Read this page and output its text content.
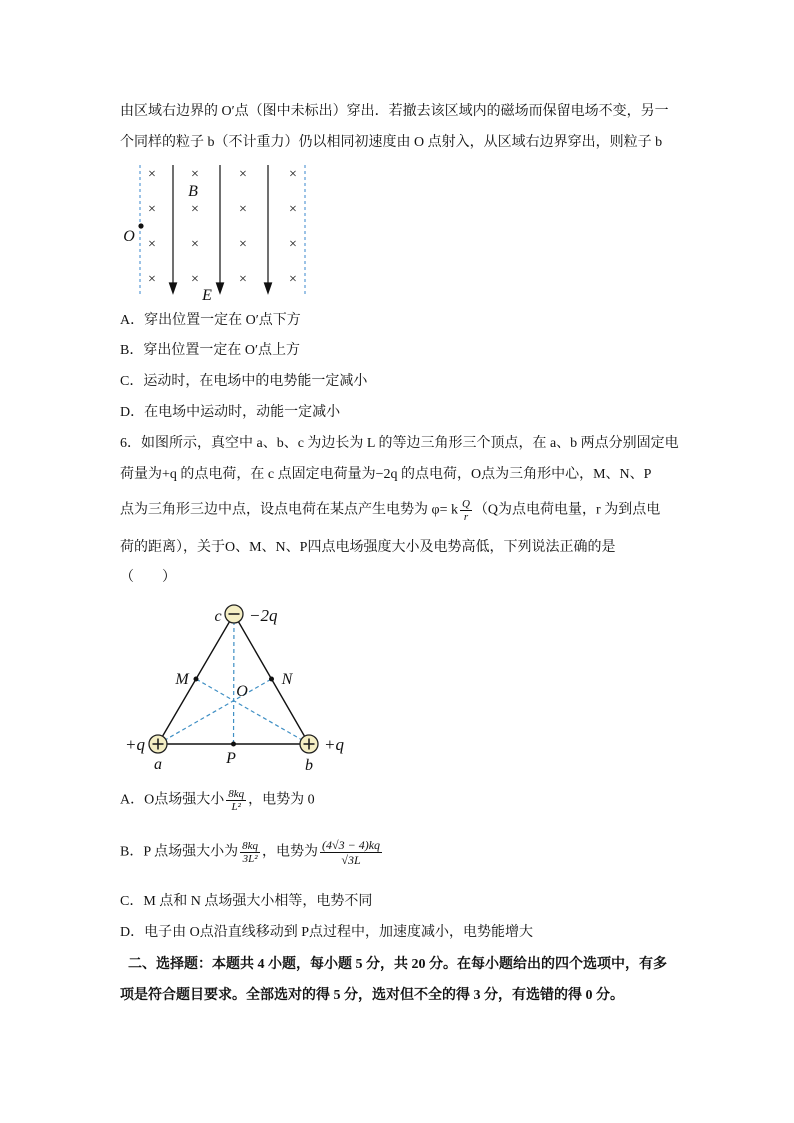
由区域右边界的 O′点（图中未标出）穿出．若撤去该区域内的磁场而保留电场不变，另一
个同样的粒子 b（不计重力）仍以相同初速度由 O 点射入，从区域右边界穿出，则粒子 b
×	×	×	×
×	×	×	×
×	×	×	×
×	×	×	×
B
O
E
A．穿出位置一定在 O′点下方
B．穿出位置一定在 O′点上方
C．运动时，在电场中的电势能一定减小
D．在电场中运动时，动能一定减小
6．如图所示，真空中 a、b、c 为边长为 L 的等边三角形三个顶点，在 a、b 两点分别固定电
荷量为+q 的点电荷，在 c 点固定电荷量为−2q 的点电荷，O点为三角形中心，M、N、P
点为三角形三边中点，设点电荷在某点产生电势为 φ= k $\frac{Q}{r} (Q$为点电荷电量，r 为到点电
荷的距离），关于O、M、N、P四点电场强度大小及电势高低，下列说法正确的是
（　　）
c −2q
M	N
O
+q
a	P	b
+q
A．O点场强大小 $\frac{8kq}{\text{L²}}$ ，电势为 0
B．P 点场强大小为 $\frac{8kq}{\text{3L²}}$ ，电势为 $\frac{(4√3 - 4)kq}{√3L}$
C．M 点和 N 点场强大小相等，电势不同
D．电子由 O点沿直线移动到 P点过程中，加速度减小，电势能增大
二、选择题：本题共 4 小题，每小题 5 分，共 20 分。在每小题给出的四个选项中，有多
项是符合题目要求。全部选对的得 5 分，选对但不全的得 3 分，有选错的得 0 分。
